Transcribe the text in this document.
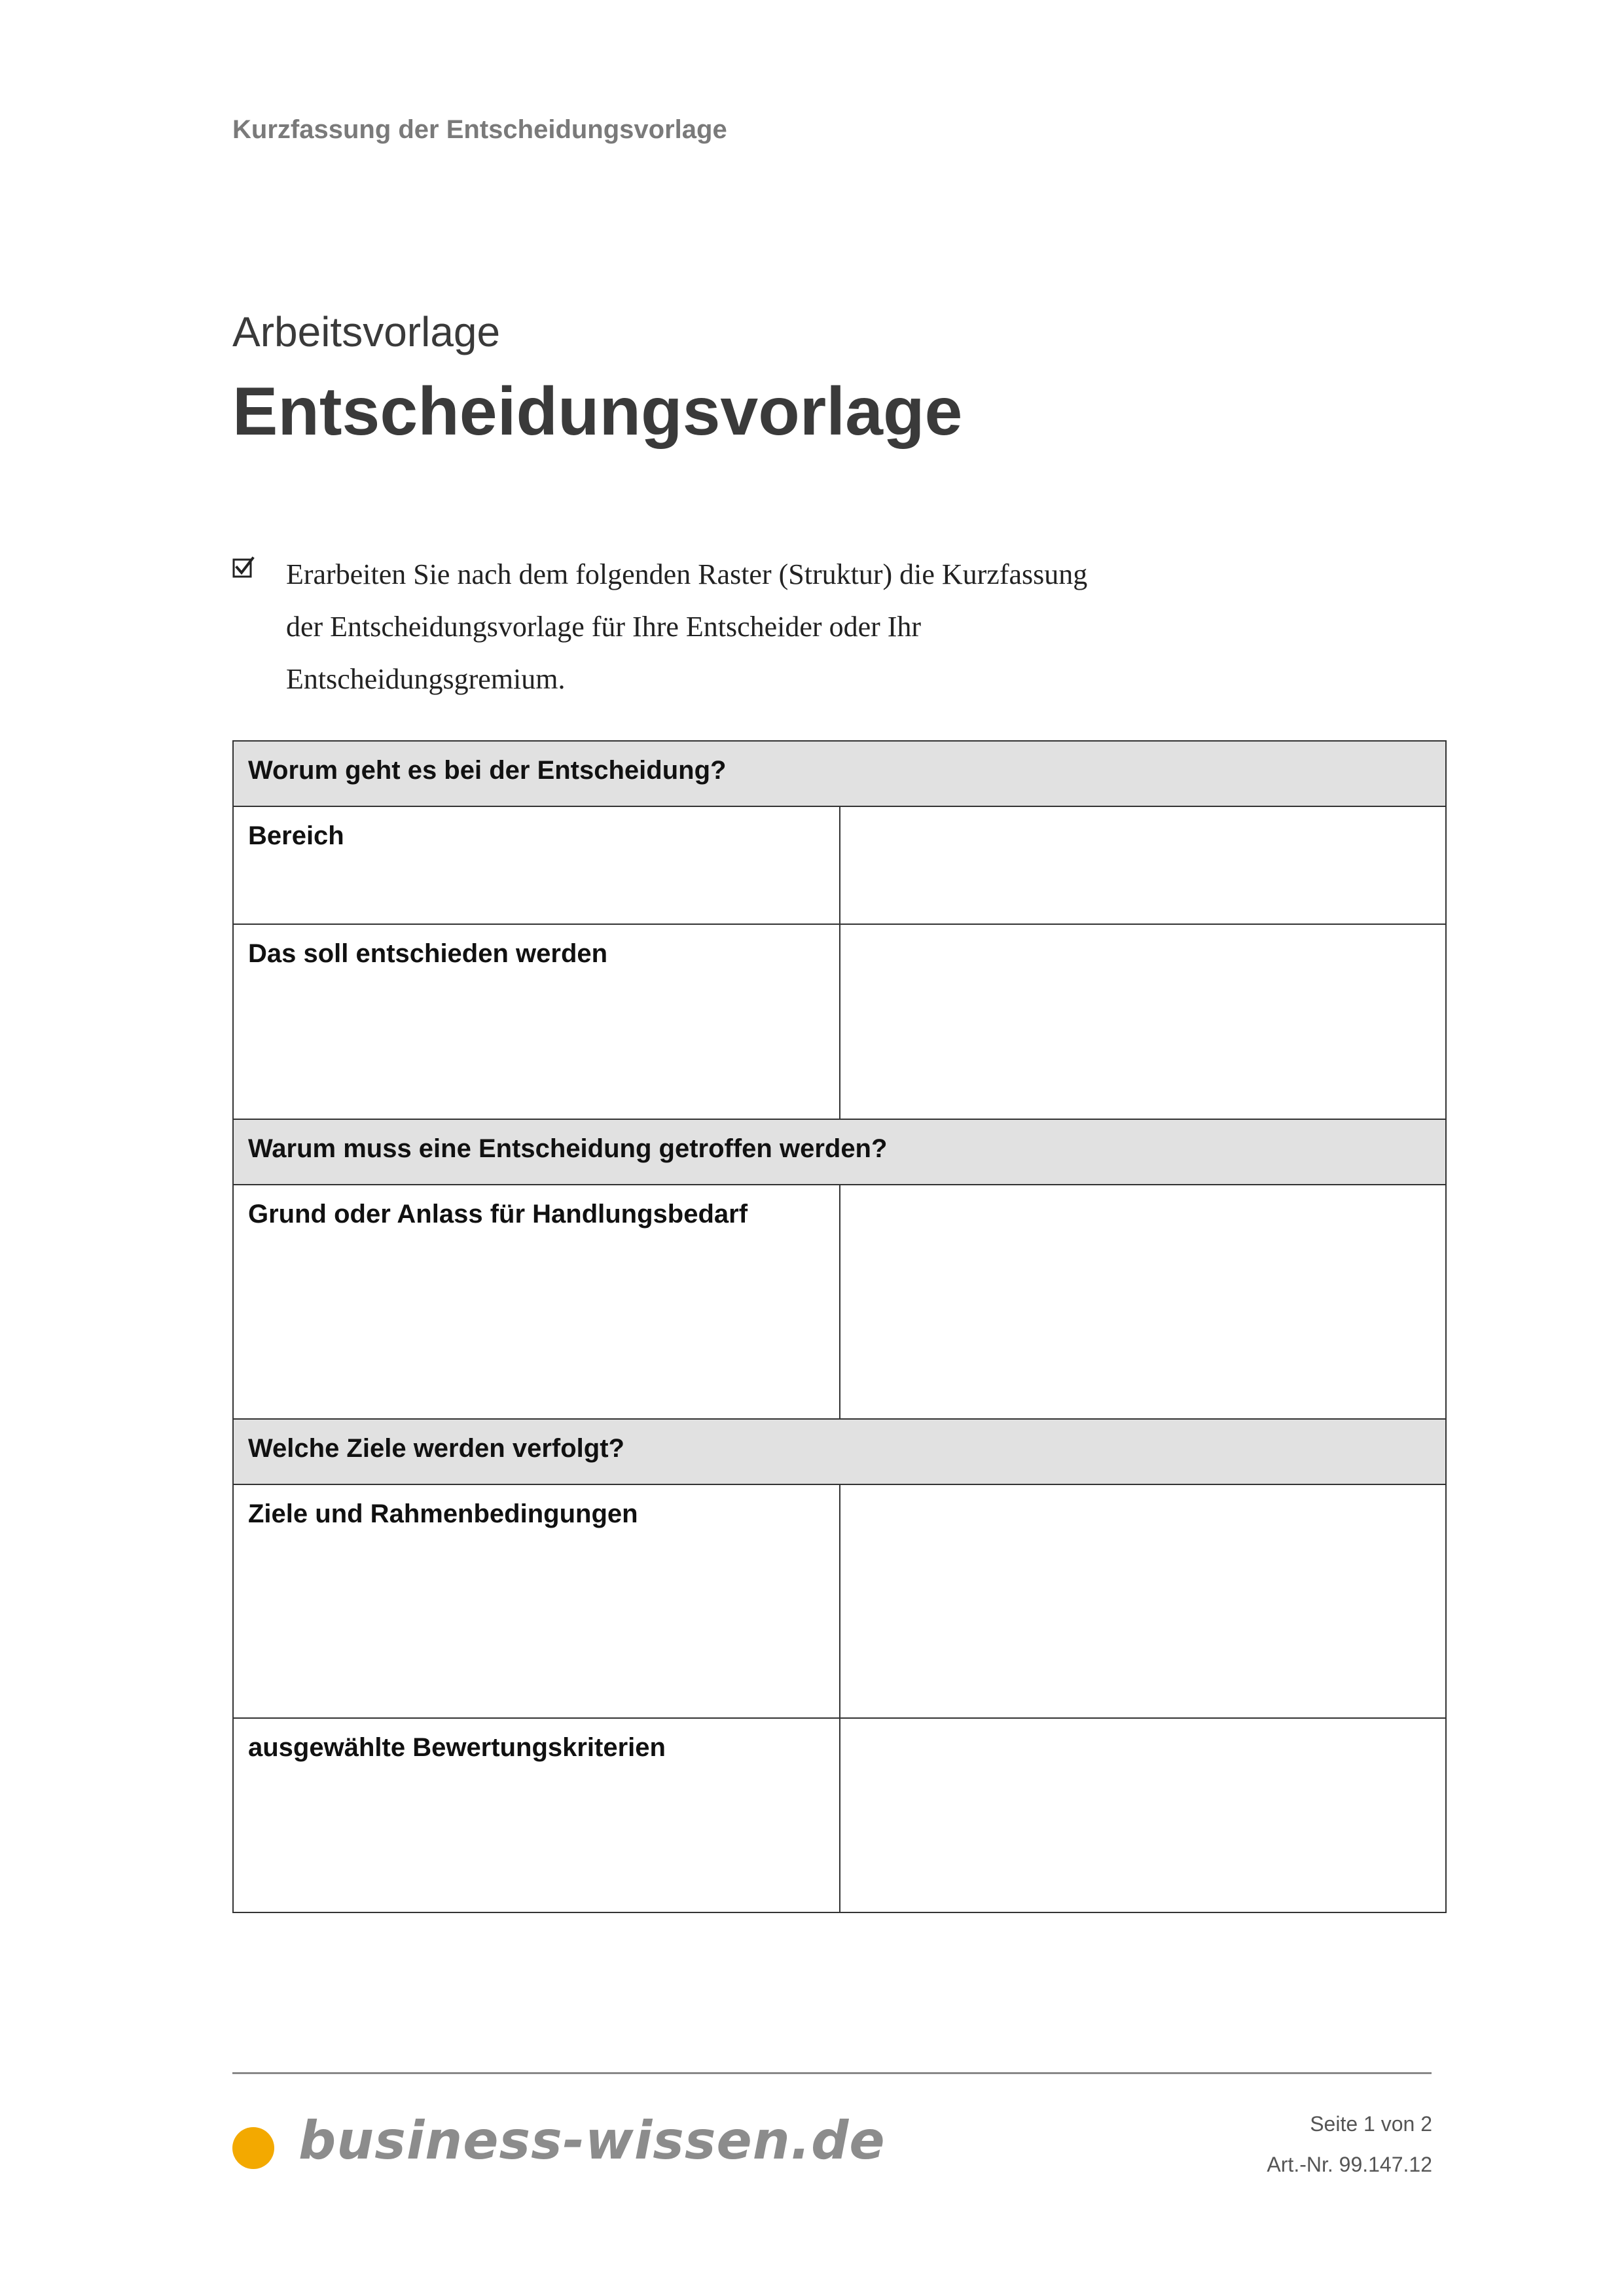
Kurzfassung der Entscheidungsvorlage
Arbeitsvorlage
Entscheidungsvorlage
Erarbeiten Sie nach dem folgenden Raster (Struktur) die Kurzfassung
der Entscheidungsvorlage für Ihre Entscheider oder Ihr
Entscheidungsgremium.
Worum geht es bei der Entscheidung?	
Bereich	
Das soll entschieden werden	
Warum muss eine Entscheidung getroffen werden?	
Grund oder Anlass für Handlungsbedarf	
Welche Ziele werden verfolgt?	
Ziele und Rahmenbedingungen	
ausgewählte Bewertungskriterien	
business-wissen.de	Seite 1 von 2
Art.-Nr. 99.147.12
